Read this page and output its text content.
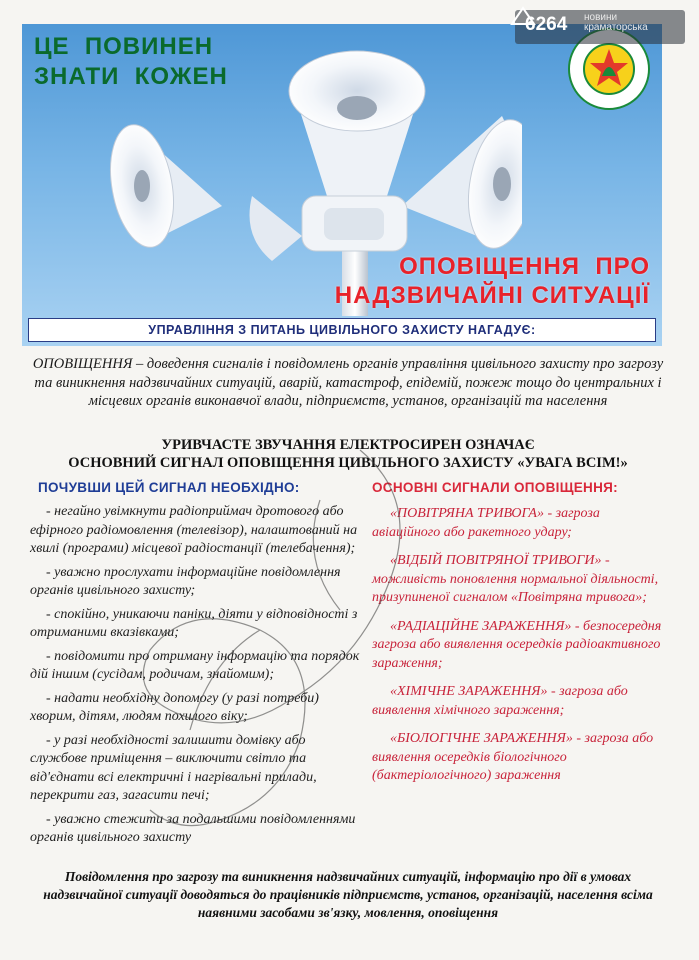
ЦЕ  ПОВИНЕН
ЗНАТИ  КОЖЕН
ОПОВІЩЕННЯ  ПРО
НАДЗВИЧАЙНІ СИТУАЦІЇ
УПРАВЛІННЯ З ПИТАНЬ ЦИВІЛЬНОГО ЗАХИСТУ НАГАДУЄ:
6264 новини
краматорська

ОПОВІЩЕННЯ – доведення сигналів і повідомлень органів управління цивільного захисту про загрозу та виникнення надзвичайних ситуацій, аварій, катастроф, епідемій, пожеж тощо до центральних і місцевих органів виконавчої влади, підприємств, установ, організацій та населення

УРИВЧАСТЕ ЗВУЧАННЯ ЕЛЕКТРОСИРЕН ОЗНАЧАЄ
ОСНОВНИЙ СИГНАЛ ОПОВІЩЕННЯ ЦИВІЛЬНОГО ЗАХИСТУ «УВАГА ВСІМ!»

ПОЧУВШИ ЦЕЙ СИГНАЛ НЕОБХІДНО:
- негайно увімкнути радіоприймач дротового або ефірного радіомовлення (телевізор), налаштований на хвилі (програми) місцевої радіостанції (телебачення);
- уважно прослухати інформаційне повідомлення органів цивільного захисту;
- спокійно, уникаючи паніки, діяти у відповідності з отриманими вказівками;
- повідомити про отриману інформацію та порядок дій іншим (сусідам, родичам, знайомим);
- надати необхідну допомогу (у разі потреби) хворим, дітям, людям похилого віку;
- у разі необхідності залишити домівку або службове приміщення – виключити світло та від'єднати всі електричні і нагрівальні прилади, перекрити газ, загасити печі;
- уважно стежити за подальшими повідомленнями органів цивільного захисту
ОСНОВНІ СИГНАЛИ ОПОВІЩЕННЯ:
«ПОВІТРЯНА ТРИВОГА» - загроза авіаційного або ракетного удару;
«ВІДБІЙ ПОВІТРЯНОЇ ТРИВОГИ» - можливість поновлення нормальної діяльності, призупиненої сигналом «Повітряна тривога»;
«РАДІАЦІЙНЕ ЗАРАЖЕННЯ» - безпосередня загроза або виявлення осередків радіоактивного зараження;
«ХІМІЧНЕ ЗАРАЖЕННЯ» - загроза або виявлення хімічного зараження;
«БІОЛОГІЧНЕ ЗАРАЖЕННЯ» - загроза або виявлення осередків біологічного (бактеріологічного) зараження

Повідомлення про загрозу та виникнення надзвичайних ситуацій, інформацію про дії в умовах надзвичайної ситуації доводяться до працівників підприємств, установ, організацій, населення всіма наявними засобами зв'язку, мовлення, оповіщення
